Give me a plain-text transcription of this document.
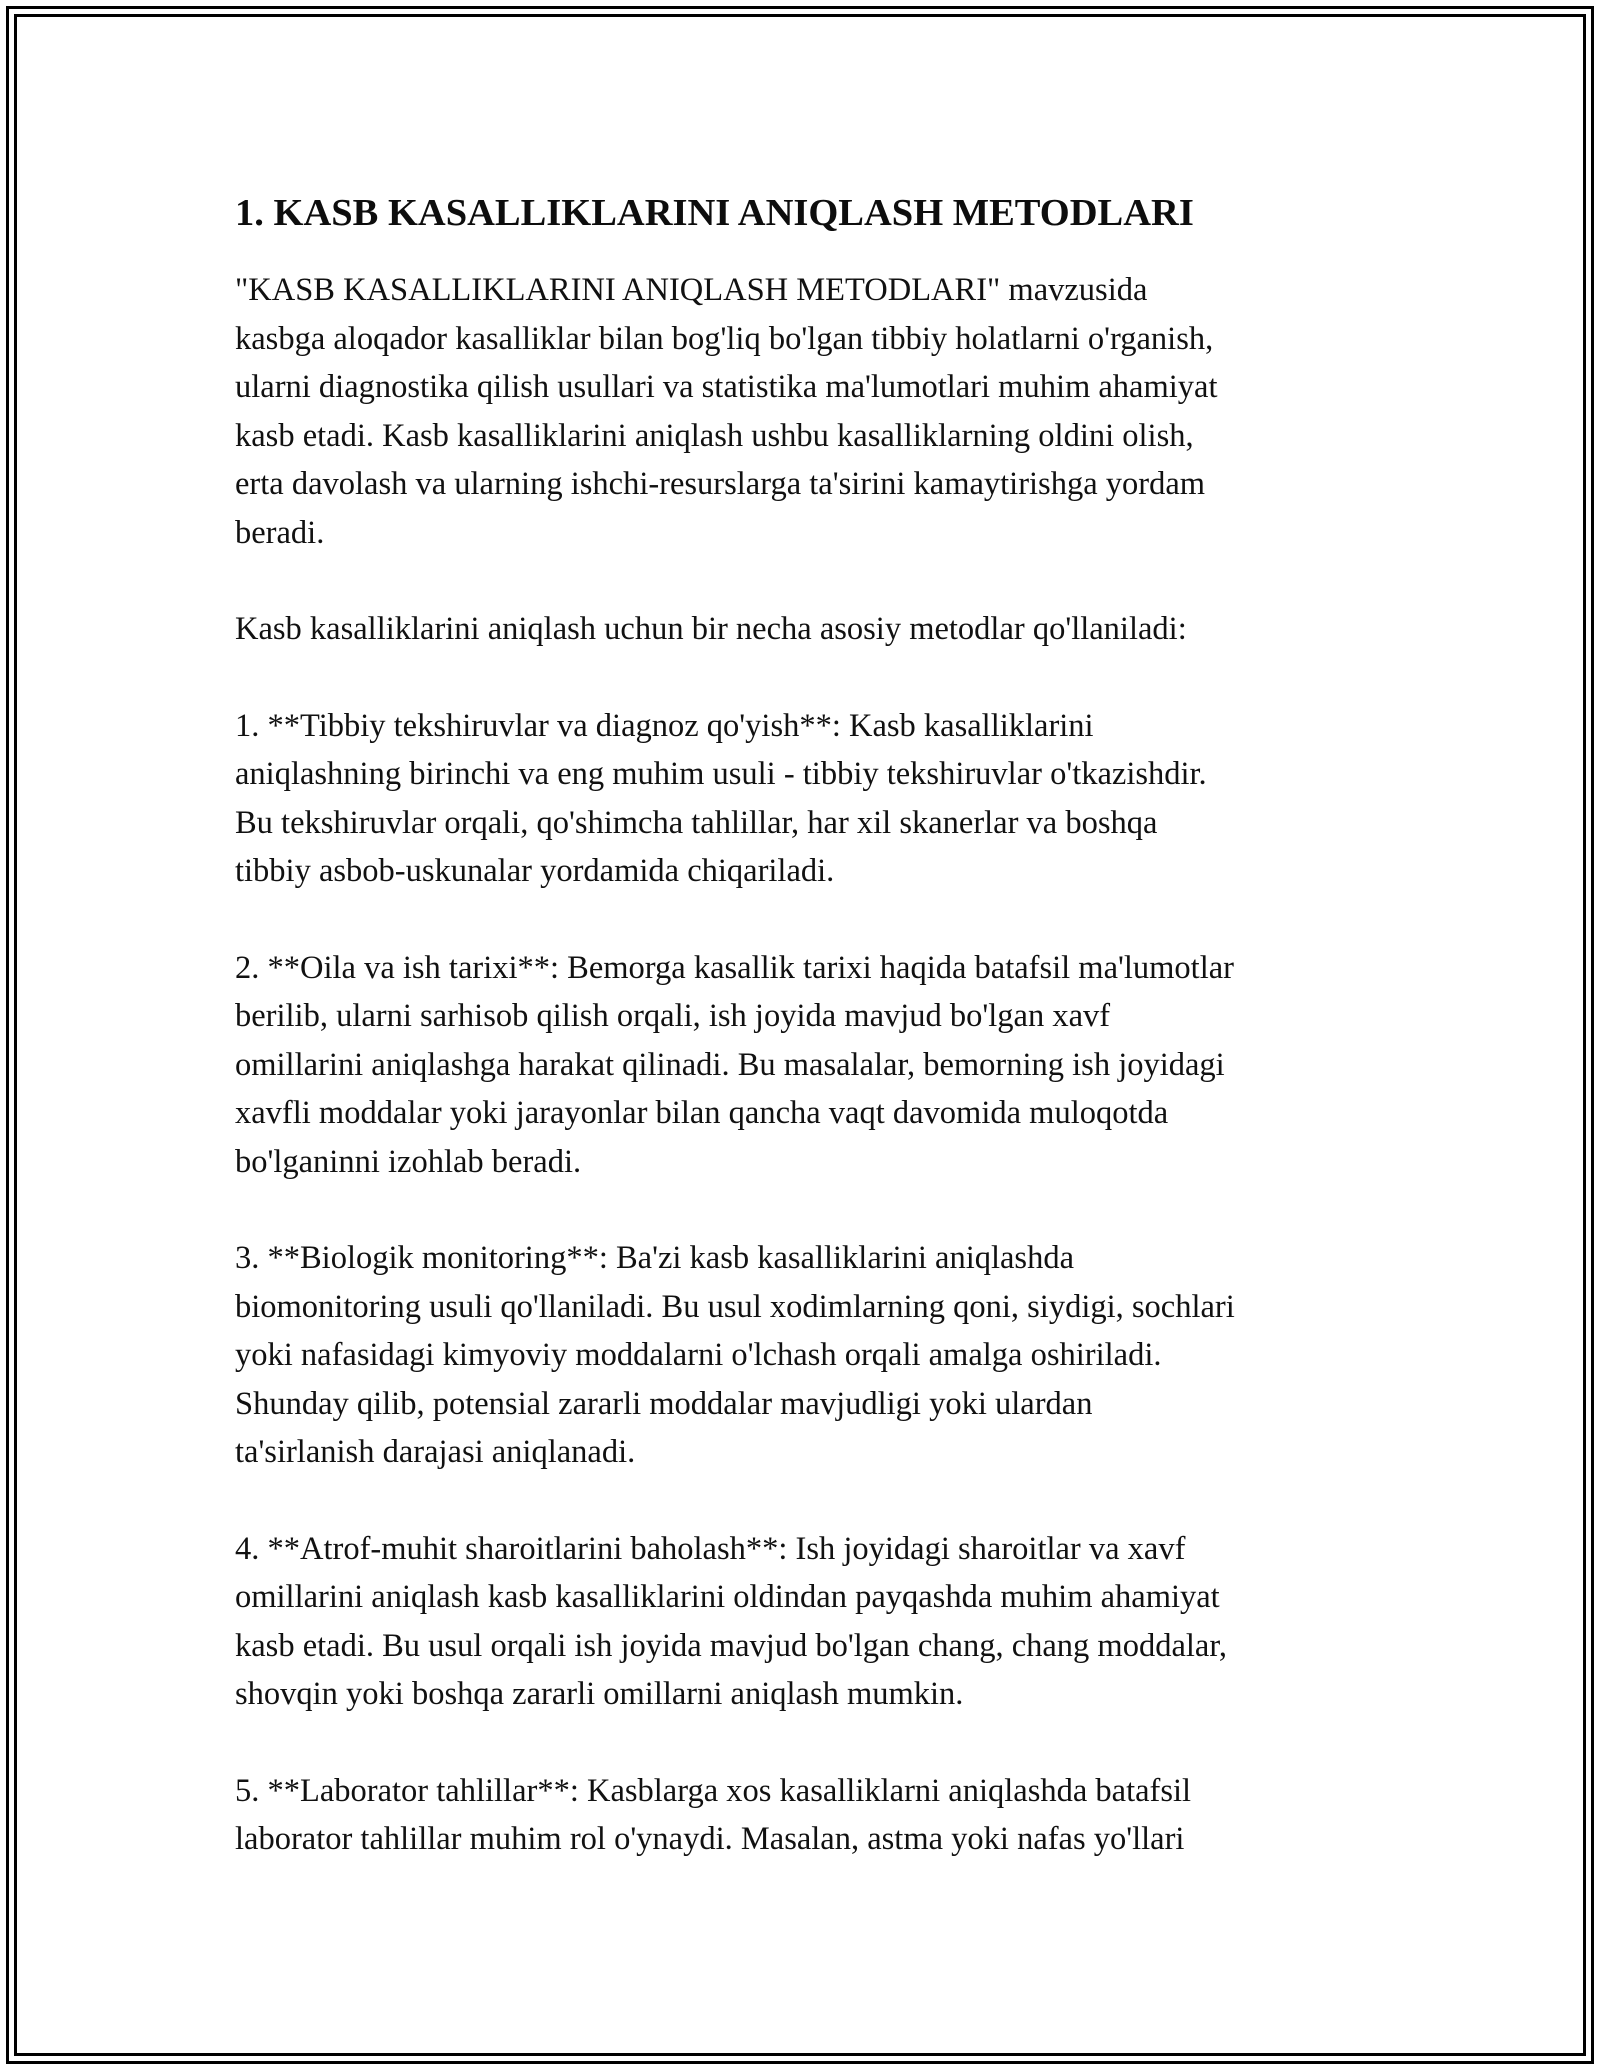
1. KASB KASALLIKLARINI ANIQLASH METODLARI

"KASB KASALLIKLARINI ANIQLASH METODLARI" mavzusida
kasbga aloqador kasalliklar bilan bog'liq bo'lgan tibbiy holatlarni o'rganish,
ularni diagnostika qilish usullari va statistika ma'lumotlari muhim ahamiyat
kasb etadi. Kasb kasalliklarini aniqlash ushbu kasalliklarning oldini olish,
erta davolash va ularning ishchi-resurslarga ta'sirini kamaytirishga yordam
beradi.

Kasb kasalliklarini aniqlash uchun bir necha asosiy metodlar qo'llaniladi:

1. **Tibbiy tekshiruvlar va diagnoz qo'yish**: Kasb kasalliklarini
aniqlashning birinchi va eng muhim usuli - tibbiy tekshiruvlar o'tkazishdir.
Bu tekshiruvlar orqali, qo'shimcha tahlillar, har xil skanerlar va boshqa
tibbiy asbob-uskunalar yordamida chiqariladi.

2. **Oila va ish tarixi**: Bemorga kasallik tarixi haqida batafsil ma'lumotlar
berilib, ularni sarhisob qilish orqali, ish joyida mavjud bo'lgan xavf
omillarini aniqlashga harakat qilinadi. Bu masalalar, bemorning ish joyidagi
xavfli moddalar yoki jarayonlar bilan qancha vaqt davomida muloqotda
bo'lganinni izohlab beradi.

3. **Biologik monitoring**: Ba'zi kasb kasalliklarini aniqlashda
biomonitoring usuli qo'llaniladi. Bu usul xodimlarning qoni, siydigi, sochlari
yoki nafasidagi kimyoviy moddalarni o'lchash orqali amalga oshiriladi.
Shunday qilib, potensial zararli moddalar mavjudligi yoki ulardan
ta'sirlanish darajasi aniqlanadi.

4. **Atrof-muhit sharoitlarini baholash**: Ish joyidagi sharoitlar va xavf
omillarini aniqlash kasb kasalliklarini oldindan payqashda muhim ahamiyat
kasb etadi. Bu usul orqali ish joyida mavjud bo'lgan chang, chang moddalar,
shovqin yoki boshqa zararli omillarni aniqlash mumkin.

5. **Laborator tahlillar**: Kasblarga xos kasalliklarni aniqlashda batafsil
laborator tahlillar muhim rol o'ynaydi. Masalan, astma yoki nafas yo'llari
